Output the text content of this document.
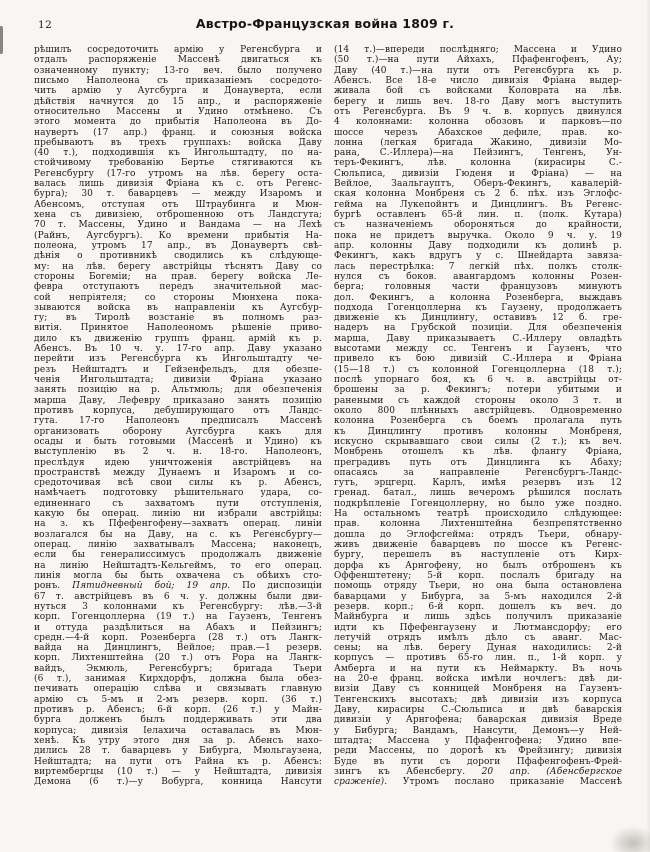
12	Австро-Французская война 1809 г.
рѣшилъ сосредоточить армію у Регенсбурга и
отдалъ распоряженіе Массенѣ двигаться къ
означенному пункту; 13-го веч. было получено
письмо Наполеона съ приказаніемъ сосредото-
чить армію у Аугсбурга и Донауверта, если
дѣйствія начнутся до 15 апр., и распоряженіе
относительно Массены и Удино отмѣнено. Съ
этого момента до прибытія Наполеона въ До-
наувертъ (17 апр.) франц. и союзныя войска
пребываютъ въ трехъ группахъ: войска Даву
(40 т.), подходившія къ Ингольштадту, по на-
стойчивому требованію Бертье стягиваются къ
Регенсбургу (17-го утромъ на лѣв. берегу оста-
валась лишь дивизія Фріана къ с. отъ Регенс-
бурга); 30 т. баварцевъ — между Изаромъ и
Абенсомъ, отступая отъ Штраубинга и Мюн-
хена съ дивизіею, отброшенною отъ Ландсгута;
70 т. Массены, Удино и Вандама — на Лехѣ
(Райнъ, Аугсбургъ). Ко времени прибытія На-
полеона, утромъ 17 апр., въ Донаувертъ свѣ-
дѣнія о противникѣ сводились къ слѣдующе-
му: на лѣв. берегу австрійцы тѣснятъ Даву со
стороны Богеміи; на прав. берегу войска Ле-
февра отступаютъ передъ значительной мас-
сой непріятеля; со стороны Мюнхена пока-
зываются войска въ направленіи къ Аугсбур-
гу; въ Тиролѣ возстаніе въ полномъ раз-
витія. Принятое Наполеономъ рѣшеніе приво-
дило къ движенію группъ франц. армій къ р.
Абенсъ. Въ 10 ч. у. 17-го апр. Даву указано
перейти изъ Регенсбурга къ Ингольштадту че-
резъ Нейштадтъ и Гейзенфельдъ, для обезпе-
ченія Ингольштадта; дивизіи Фріана указано
занять позицію на р. Альтмюль; для обезпеченія
марша Даву, Лефевру приказано занять позицію
противъ корпуса, дебуширующаго отъ Ландс-
гута. 17-го Наполеонъ предписалъ Массенѣ
организовать оборону Аугсбурга какъ для
осады и быть готовыми (Массенѣ и Удино) къ
выступленію въ 2 ч. н. 18-го. Наполеонъ,
преслѣдуя идею уничтоженія австрійцевъ на
пространствѣ между Дунаемъ и Изаромъ и со-
средоточивая всѣ свои силы къ р. Абенсъ,
намѣчаетъ подготовку рѣшительнаго удара, со-
единеннаго съ захватомъ пути отступленія,
какую бы операц. линію ни избрали австрійцы:
на з. къ Пфефенгофену—захватъ операц. линіи
возлагался бы на Даву, на с. къ Регенсбургу—
операц. линію захватывалъ Массена; наконецъ,
если бы генералиссимусъ продолжалъ движеніе
на линію Нейштадтъ-Кельгеймъ, то его операц.
линія могла бы быть охвачена съ обѣихъ сто-
ронъ. Пятидневный бой; 19 апр. По диспозиціи
67 т. австрійцевъ въ 6 ч. у. должны были дви-
нуться 3 колоннами къ Регенсбургу: лѣв.—3-й
корп. Гогенцоллерна (19 т.) на Гаузенъ, Тенгенъ
и оттуда раздѣлиться на Абахъ и Пейзингъ;
средн.—4-й корп. Розенберга (28 т.) отъ Лангк-
вайда на Динцлингъ, Вейлое; прав.—1 резерв.
корп. Лихтенштейна (20 т.) отъ Рора на Лангк-
вайдъ, Экмюль, Регенсбургъ; бригада Тьери
(6 т.), занимая Кирхдорфъ, должна была обез-
печивать операцію слѣва и связывать главную
армію съ 5-мъ и 2-мъ резерв. корп. (36 т.)
противъ р. Абенсъ; 6-й корп. (26 т.) у Майн-
бурга долженъ былъ поддерживать эти два
корпуса; дивизія Іелахича оставалась въ Мюн-
хенѣ. Къ утру этого дня за р. Абенсъ нахо-
дились 28 т. баварцевъ у Бибурга, Мюльгаузена,
Нейштадта; на пути отъ Райна къ р. Абенсъ:
виртембергцы (10 т.) — у Нейштадта, дивизія
Демона (6 т.)—у Вобурга, конница Нансути
(14 т.)—впереди послѣдняго; Массена и Удино
(50 т.)—на пути Айхахъ, Пфафенгофенъ, Ау;
Даву (40 т.)—на пути отъ Регенсбурга къ р.
Абенсъ. Все 18-е число дивизія Фріана выдер-
живала бой съ войсками Коловрата на лѣв.
берегу и лишь веч. 18-го Даву могъ выступить
отъ Регенсбурга. Въ 9 ч. в. корпусъ двинулся
4 колоннами: колонна обозовъ и парковъ—по
шоссе черезъ Абахское дефиле, прав. ко-
лонна (легкая бригада Жакино, дивизіи Мо-
рана, С.-Иллера)—на Пейзингъ, Тенгенъ, Ун-
теръ-Фекингъ, лѣв. колонна (кирасиры С.-
Сюльписа, дивизіи Гюденя и Фріана) — на
Вейлое, Заальгауптъ, Оберъ-Фекингъ, кавалерій-
ская колонна Монбреня съ 2 б. пѣх. изъ Эглофс-
гейма на Лукепойнтъ и Динцлингъ. Въ Регенс-
бургѣ оставленъ 65-й лин. п. (полк. Кутара)
съ назначеніемъ обороняться до крайности,
пока не придетъ выручка. Около 9 ч. у. 19
апр. колонны Даву подходили къ долинѣ р.
Фекингъ, какъ вдругъ у с. Шнейдарта завяза-
лась перестрѣлка: 7 легкій пѣх. полкъ столк-
нулся съ боков. авангардомъ колонны Розен-
берга; головныя части французовъ минуютъ
дол. Фекингъ, а колонна Розенберга, выждавъ
подхода Гогенцоллерна къ Гаузену, продолжаетъ
движеніе къ Динцлингу, оставивъ 12 б. гре-
надеръ на Грубской позиціи. Для обезпеченія
марша, Даву приказываетъ С.-Иллеру овладѣть
высотами между сс. Тенгенъ и Гаузенъ, что
привело къ бою дивизій С.-Иллера и Фріана
(15—18 т.) съ колонной Гогенцоллерна (18 т.);
послѣ упорнаго боя, къ 6 ч. в. австрійцы от-
брошены за р. Фекингъ; потери убитыми и
ранеными съ каждой стороны около 3 т. и
около 800 плѣнныхъ австрійцевъ. Одновременно
колонна Розенберга съ боемъ пролагала путь
къ Динцлингу противъ колонны Монбреня,
искусно скрывавшаго свои силы (2 т.); къ веч.
Монбрень отошелъ къ лѣв. флангу Фріана,
преградивъ путь отъ Динцлинга къ Абаху;
опасаясь за направленіе Регенсбургъ-Ландс-
гутъ, эрцгерц. Карлъ, имѣя резервъ изъ 12
гренад. батал., лишь вечеромъ рѣшился послать
подкрѣпленіе Гогенцоллерну, но было уже поздно.
На остальномъ театрѣ происходило слѣдующее:
прав. колонна Лихтенштейна безпрепятственно
дошла до Эглофсгейма: отрядъ Тьери, обнару-
живъ движеніе баварцевъ по шоссе къ Регенс-
бургу, перешелъ въ наступленіе отъ Кирх-
дорфа къ Арнгофену, но былъ отброшенъ къ
Оффенштетену; 5-й корп. послалъ бригаду на
помощь отряду Тьери, но она была остановлена
баварцами у Бибурга, за 5-мъ находился 2-й
резерв. корп.; 6-й корп. дошелъ къ веч. до
Майнбурга и лишь здѣсь получилъ приказаніе
идти къ Пфефенгаузену и Лютмансдорфу; его
летучій отрядъ имѣлъ дѣло съ аванг. Мас-
сены; на лѣв. берегу Дуная находились: 2-й
корпусъ — противъ 65-го лин. п., 1-й корп. у
Амберга и на пути къ Неймаркту. Въ ночь
на 20-е франц. войска имѣли ночлегъ: двѣ ди-
визіи Даву съ конницей Монбреня на Гаузенъ-
Тенгенскихъ высотахъ; двѣ дивизіи изъ корпуса
Даву, кирасиры С.-Сюльписа и двѣ баварскія
дивизіи у Арнгофена; баварская дивизія Вреде
у Бибурга; Вандамъ, Нансути, Демонъ—у Ней-
штадта; Массена у Пфафенгофена; Удино впе-
реди Массены, по дорогѣ къ Фрейзингу; дивизія
Буде въ пути съ дороги Пфафенгофенъ-Фрей-
зингъ къ Абенсбергу. 20 апр. (Абенсбергское
сраженіе). Утромъ послано приказаніе Массенѣ
